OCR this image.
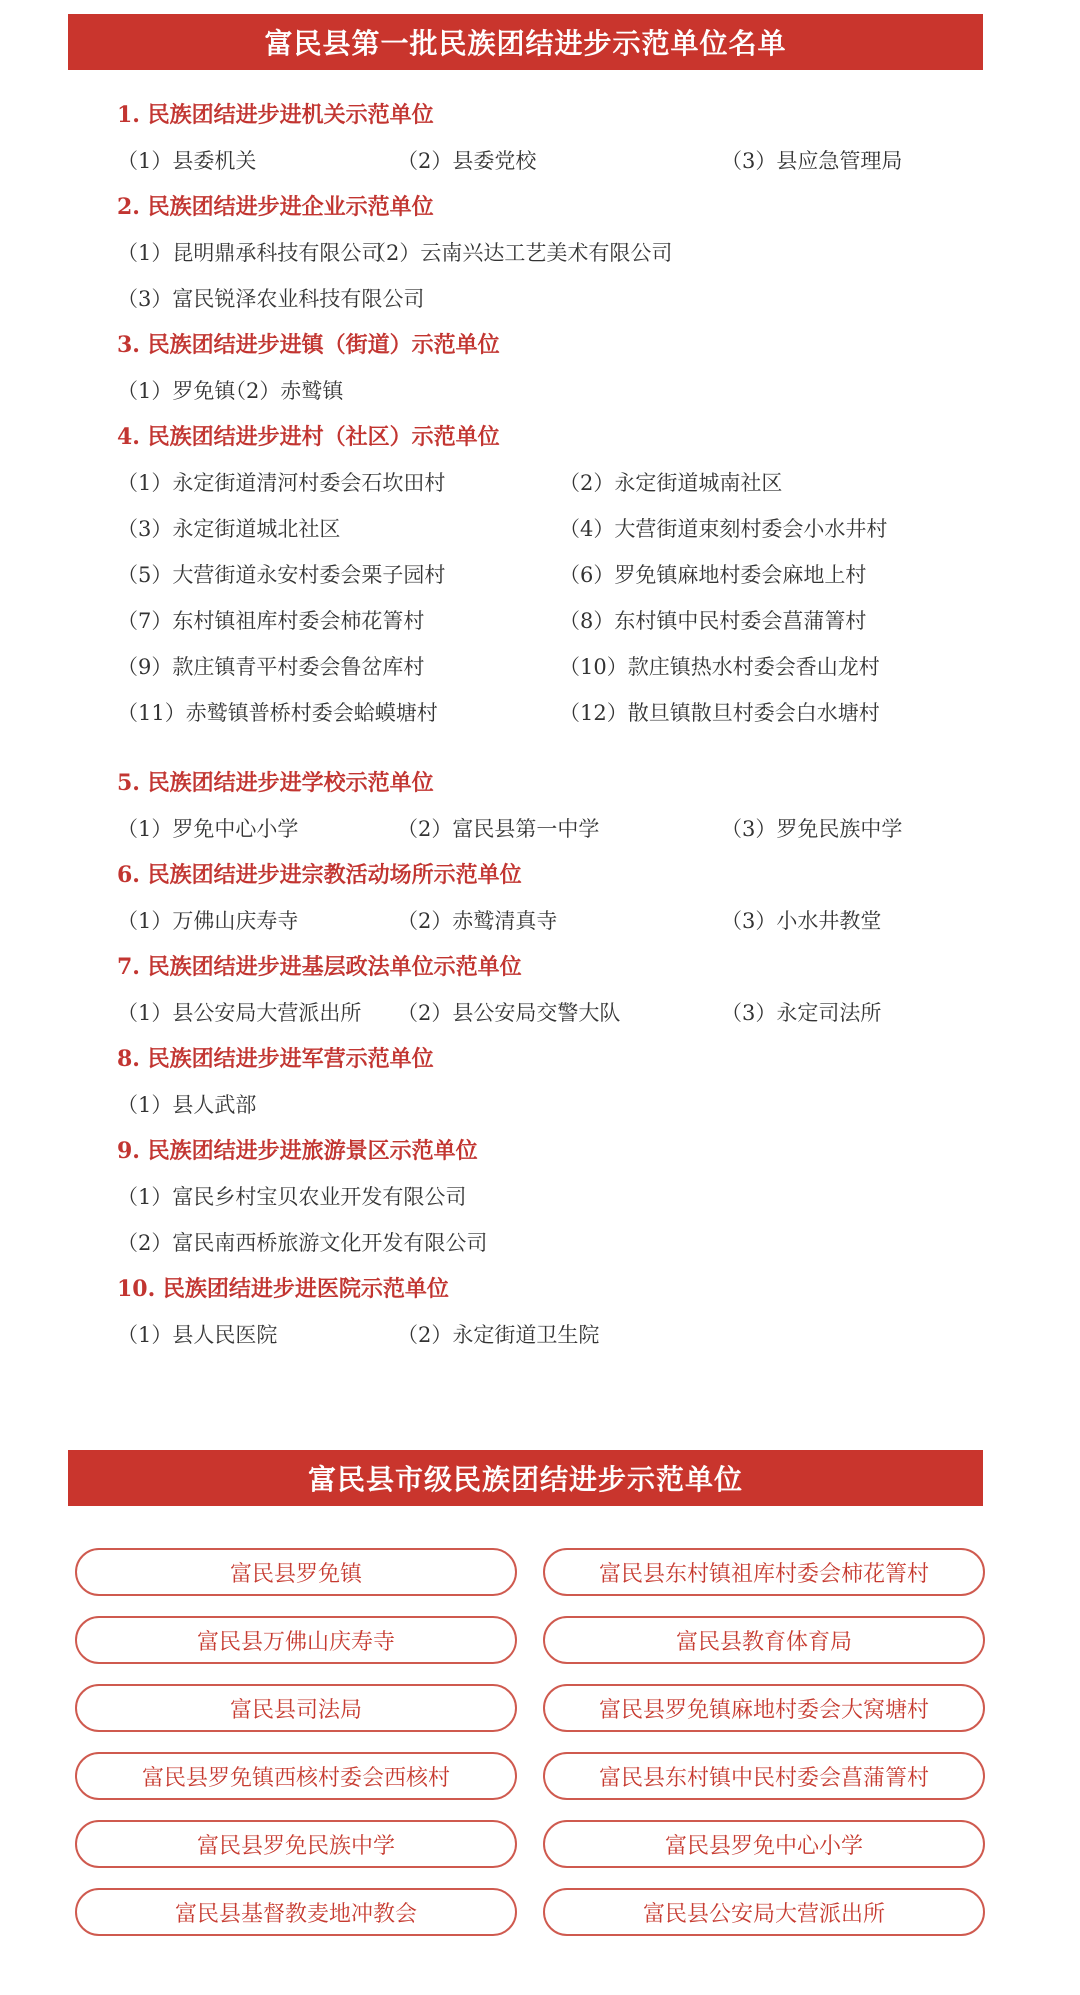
富民县第一批民族团结进步示范单位名单
1. 民族团结进步进机关示范单位
（1）县委机关	（2）县委党校	（3）县应急管理局
2. 民族团结进步进企业示范单位
（1）昆明鼎承科技有限公司
（2）云南兴达工艺美术有限公司
（3）富民锐泽农业科技有限公司
3. 民族团结进步进镇（街道）示范单位
（1）罗免镇
（2）赤鹫镇
4. 民族团结进步进村（社区）示范单位
（1）永定街道清河村委会石坎田村	（2）永定街道城南社区
（3）永定街道城北社区	（4）大营街道束刻村委会小水井村
（5）大营街道永安村委会栗子园村	（6）罗免镇麻地村委会麻地上村
（7）东村镇祖库村委会柿花箐村	（8）东村镇中民村委会菖蒲箐村
（9）款庄镇青平村委会鲁岔库村	（10）款庄镇热水村委会香山龙村
（11）赤鹫镇普桥村委会蛤蟆塘村	（12）散旦镇散旦村委会白水塘村
5. 民族团结进步进学校示范单位
（1）罗免中心小学	（2）富民县第一中学	（3）罗免民族中学
6. 民族团结进步进宗教活动场所示范单位
（1）万佛山庆寿寺	（2）赤鹫清真寺	（3）小水井教堂
7. 民族团结进步进基层政法单位示范单位
（1）县公安局大营派出所 （2）县公安局交警大队	（3）永定司法所
8. 民族团结进步进军营示范单位
（1）县人武部
9. 民族团结进步进旅游景区示范单位
（1）富民乡村宝贝农业开发有限公司
（2）富民南西桥旅游文化开发有限公司
10. 民族团结进步进医院示范单位
（1）县人民医院	（2）永定街道卫生院
富民县市级民族团结进步示范单位
富民县罗免镇	富民县东村镇祖库村委会柿花箐村
富民县万佛山庆寿寺	富民县教育体育局
富民县司法局	富民县罗免镇麻地村委会大窝塘村
富民县罗免镇西核村委会西核村	富民县东村镇中民村委会菖蒲箐村
富民县罗免民族中学	富民县罗免中心小学
富民县基督教麦地冲教会	富民县公安局大营派出所
